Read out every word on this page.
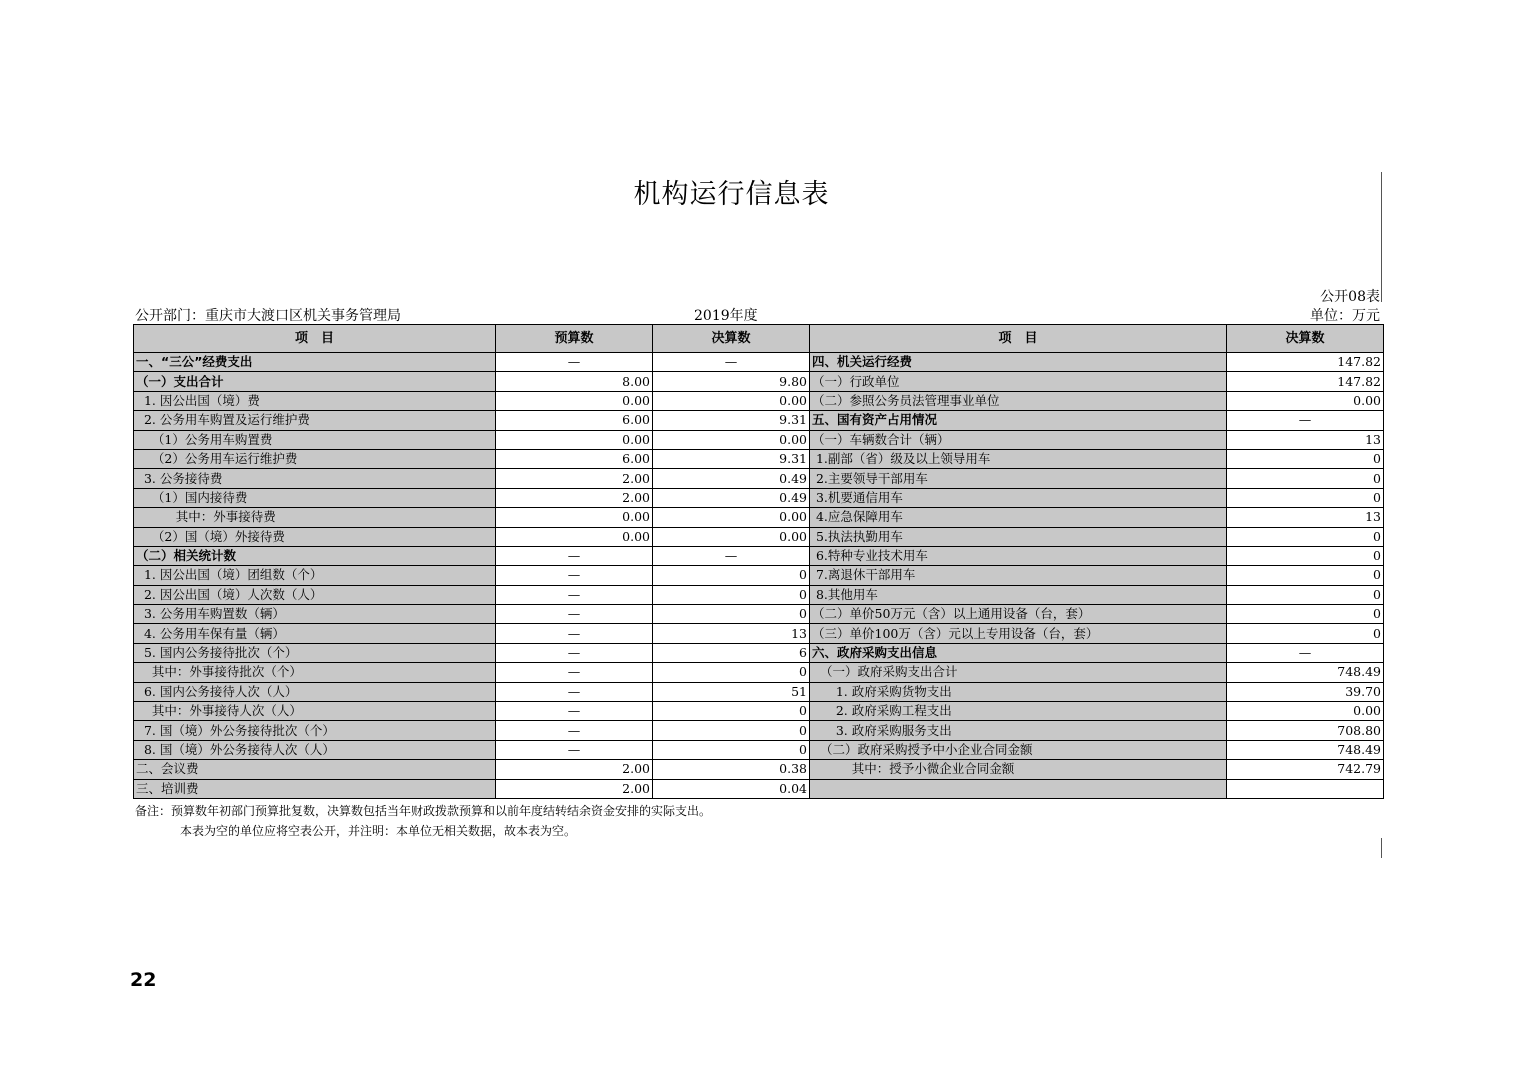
机构运行信息表
公开08表
单位：万元
公开部门：重庆市大渡口区机关事务管理局	2019年度
项　目	预算数	决算数	项　目	决算数
一、“三公”经费支出	—	—	四、机关运行经费	147.82
（一）支出合计	8.00	9.80	（一）行政单位	147.82
1. 因公出国（境）费	0.00	0.00	（二）参照公务员法管理事业单位	0.00
2. 公务用车购置及运行维护费	6.00	9.31	五、国有资产占用情况	—
（1）公务用车购置费	0.00	0.00	（一）车辆数合计（辆）	13
（2）公务用车运行维护费	6.00	9.31	1.副部（省）级及以上领导用车	0
3. 公务接待费	2.00	0.49	2.主要领导干部用车	0
（1）国内接待费	2.00	0.49	3.机要通信用车	0
其中：外事接待费	0.00	0.00	4.应急保障用车	13
（2）国（境）外接待费	0.00	0.00	5.执法执勤用车	0
（二）相关统计数	—	—	6.特种专业技术用车	0
1. 因公出国（境）团组数（个）	—	0	7.离退休干部用车	0
2. 因公出国（境）人次数（人）	—	0	8.其他用车	0
3. 公务用车购置数（辆）	—	0	（二）单价50万元（含）以上通用设备（台，套）	0
4. 公务用车保有量（辆）	—	13	（三）单价100万（含）元以上专用设备（台，套）	0
5. 国内公务接待批次（个）	—	6	六、政府采购支出信息	—
其中：外事接待批次（个）	—	0	（一）政府采购支出合计	748.49
6. 国内公务接待人次（人）	—	51	1. 政府采购货物支出	39.70
其中：外事接待人次（人）	—	0	2. 政府采购工程支出	0.00
7. 国（境）外公务接待批次（个）	—	0	3. 政府采购服务支出	708.80
8. 国（境）外公务接待人次（人）	—	0	（二）政府采购授予中小企业合同金额	748.49
二、会议费	2.00	0.38	其中：授予小微企业合同金额	742.79
三、培训费	2.00	0.04		
备注：预算数年初部门预算批复数，决算数包括当年财政拨款预算和以前年度结转结余资金安排的实际支出。
本表为空的单位应将空表公开，并注明：本单位无相关数据，故本表为空。
22
